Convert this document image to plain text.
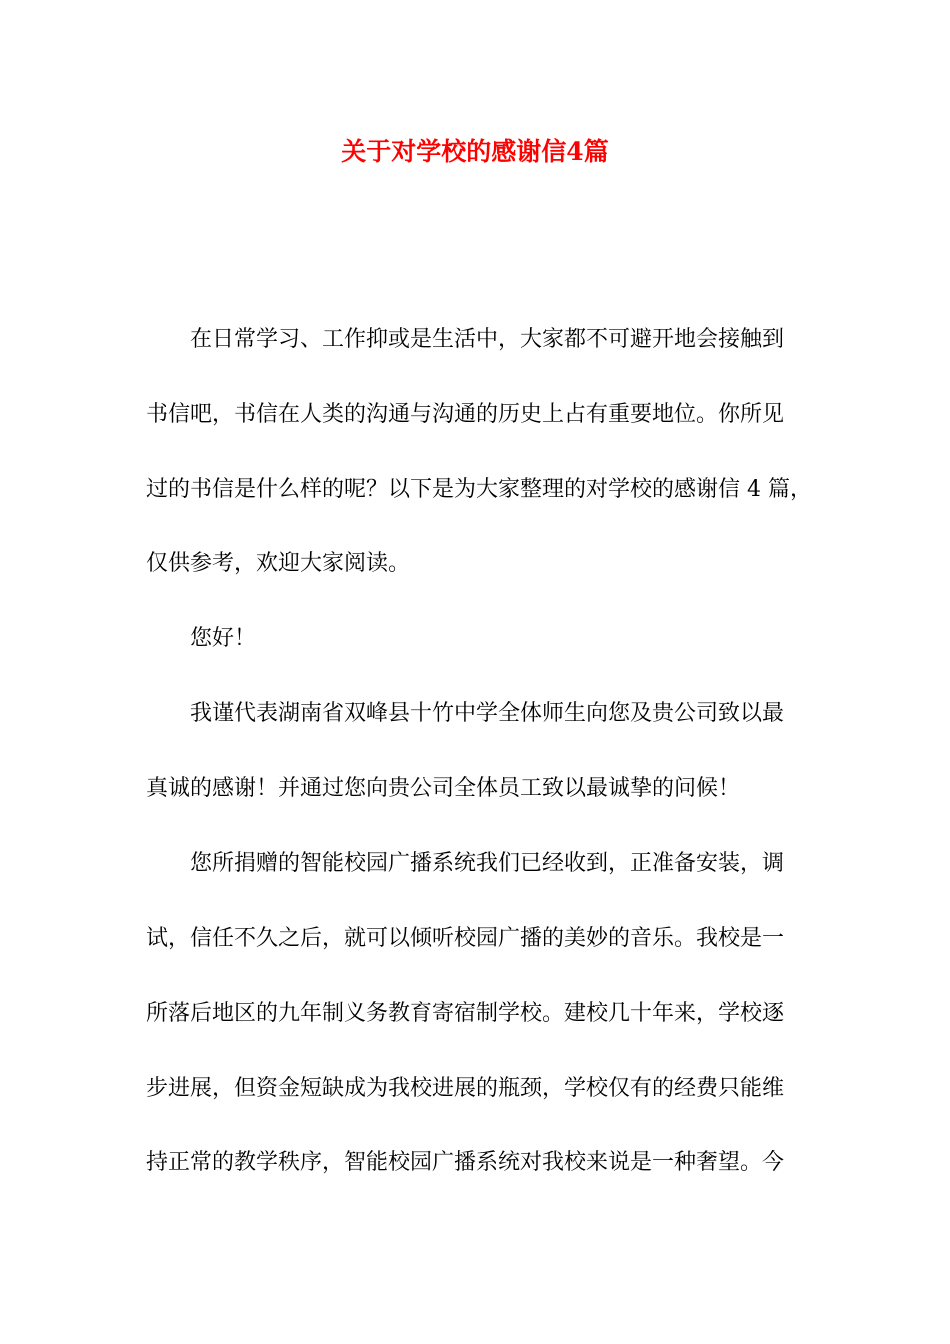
关于对学校的感谢信4篇
在日常学习、工作抑或是生活中，大家都不可避开地会接触到
书信吧，书信在人类的沟通与沟通的历史上占有重要地位。你所见
过的书信是什么样的呢？以下是为大家整理的对学校的感谢信 4 篇，
仅供参考，欢迎大家阅读。
您好！
我谨代表湖南省双峰县十竹中学全体师生向您及贵公司致以最
真诚的感谢！并通过您向贵公司全体员工致以最诚挚的问候！
您所捐赠的智能校园广播系统我们已经收到，正准备安装，调
试，信任不久之后，就可以倾听校园广播的美妙的音乐。我校是一
所落后地区的九年制义务教育寄宿制学校。建校几十年来，学校逐
步进展，但资金短缺成为我校进展的瓶颈，学校仅有的经费只能维
持正常的教学秩序，智能校园广播系统对我校来说是一种奢望。今
